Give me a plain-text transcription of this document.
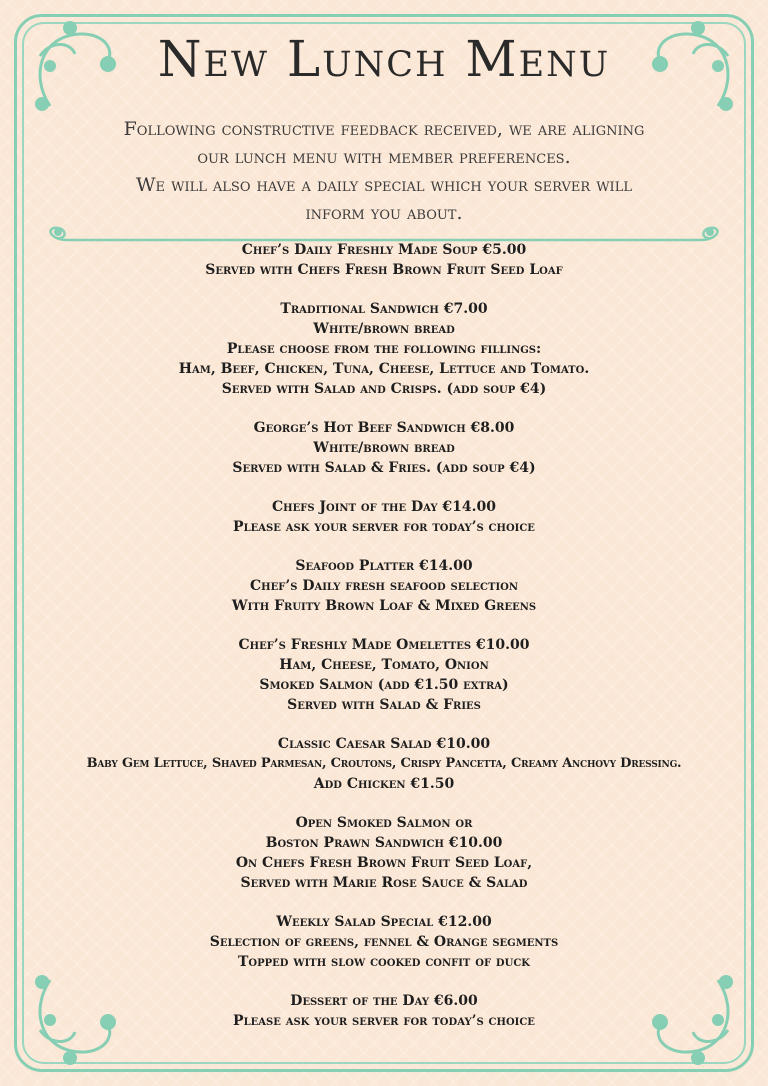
New Lunch Menu

Following constructive feedback received, we are aligning
our lunch menu with member preferences.
We will also have a daily special which your server will
inform you about.

Chef’s Daily Freshly Made Soup €5.00
Served with Chefs Fresh Brown Fruit Seed Loaf
Traditional Sandwich €7.00
White/brown bread
Please choose from the following fillings:
Ham, Beef, Chicken, Tuna, Cheese, Lettuce and Tomato.
Served with Salad and Crisps. (add soup €4)
George’s Hot Beef Sandwich €8.00
White/brown bread
Served with Salad & Fries. (add soup €4)
Chefs Joint of the Day €14.00
Please ask your server for today’s choice
Seafood Platter €14.00
Chef’s Daily fresh seafood selection
With Fruity Brown Loaf & Mixed Greens
Chef’s Freshly Made Omelettes €10.00
Ham, Cheese, Tomato, Onion
Smoked Salmon (add €1.50 extra)
Served with Salad & Fries
Classic Caesar Salad €10.00
Baby Gem Lettuce, Shaved Parmesan, Croutons, Crispy Pancetta, Creamy Anchovy Dressing.
Add Chicken €1.50
Open Smoked Salmon or
Boston Prawn Sandwich €10.00
On Chefs Fresh Brown Fruit Seed Loaf,
Served with Marie Rose Sauce & Salad
Weekly Salad Special €12.00
Selection of greens, fennel & Orange segments
Topped with slow cooked confit of duck
Dessert of the Day €6.00
Please ask your server for today’s choice
